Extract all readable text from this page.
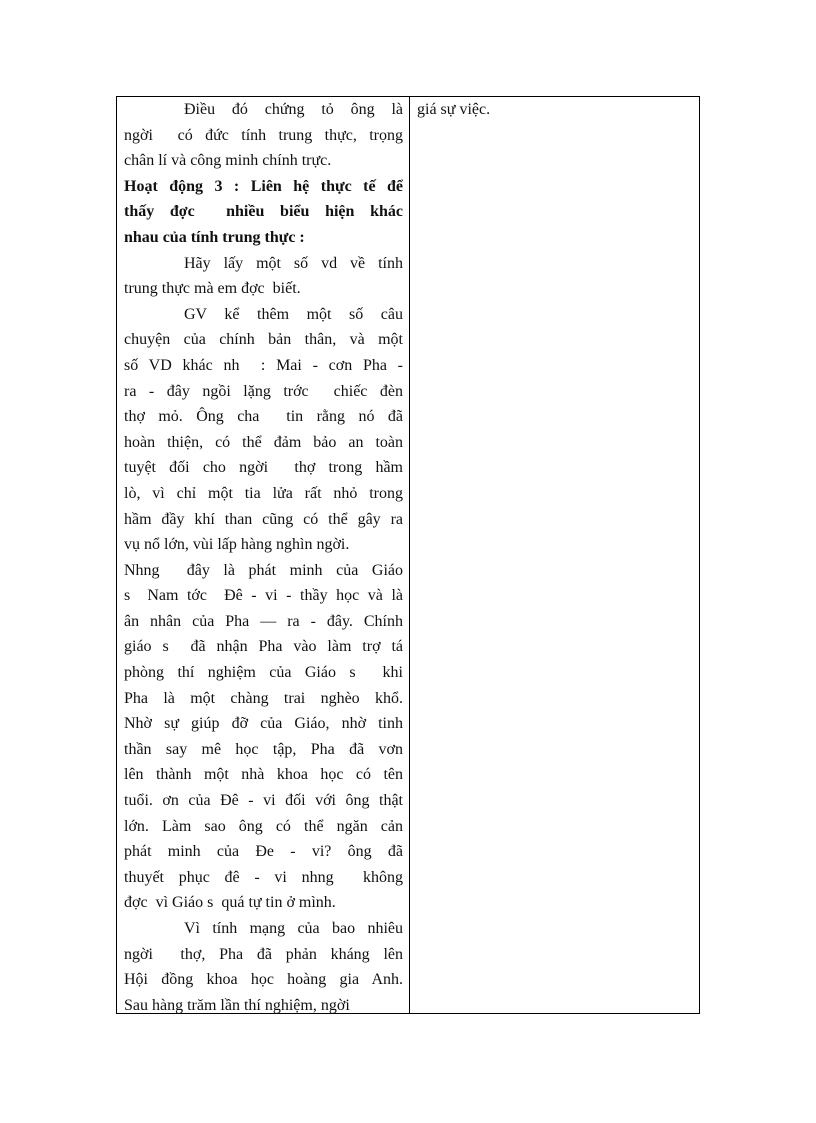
Điều đó chứng tỏ ông là
ngời  có đức tính trung thực, trọng
chân lí và công minh chính trực.
Hoạt động 3 : Liên hệ thực tế để
thấy đợc  nhiều biểu hiện khác
nhau của tính trung thực :
Hãy lấy một số vd về tính
trung thực mà em đợc  biết.
GV kể thêm một số câu
chuyện của chính bản thân, và một
số VD khác nh  : Mai - cơn Pha -
ra - đây ngồi lặng trớc  chiếc đèn
thợ mỏ. Ông cha  tin rằng nó đã
hoàn thiện, có thể đảm bảo an toàn
tuyệt đối cho ngời  thợ trong hầm
lò, vì chỉ một tia lửa rất nhỏ trong
hầm đầy khí than cũng có thể gây ra
vụ nổ lớn, vùi lấp hàng nghìn ngời.
Nhng  đây là phát minh của Giáo
s  Nam tớc  Đê - vi - thầy học và là
ân nhân của Pha — ra - đây. Chính
giáo s  đã nhận Pha vào làm trợ tá
phòng thí nghiệm của Giáo s  khi
Pha là một chàng trai nghèo khổ.
Nhờ sự giúp đỡ của Giáo, nhờ tinh
thần say mê học tập, Pha đã vơn
lên thành một nhà khoa học có tên
tuổi. ơn của Đê - vi đối với ông thật
lớn. Làm sao ông có thể ngăn cản
phát minh của Đe - vi? ông đã
thuyết phục đê - vi nhng  không
đợc  vì Giáo s  quá tự tin ở mình.
Vì tính mạng của bao nhiêu
ngời  thợ, Pha đã phản kháng lên
Hội đồng khoa học hoàng gia Anh.
Sau hàng trăm lần thí nghiệm, ngời
giá sự việc.
